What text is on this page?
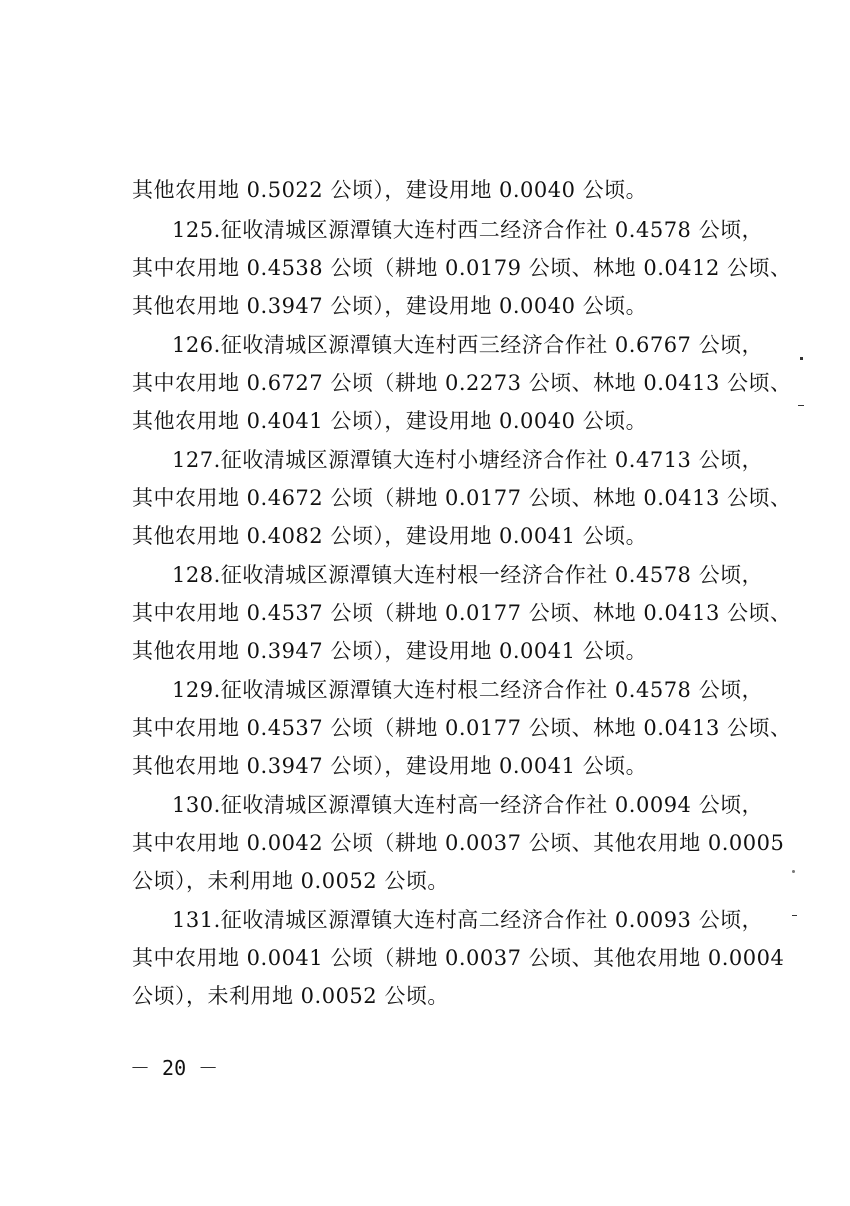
其他农用地 0.5022 公顷），建设用地 0.0040 公顷。
125.征收清城区源潭镇大连村西二经济合作社 0.4578 公顷，
其中农用地 0.4538 公顷（耕地 0.0179 公顷、林地 0.0412 公顷、
其他农用地 0.3947 公顷），建设用地 0.0040 公顷。
126.征收清城区源潭镇大连村西三经济合作社 0.6767 公顷，
其中农用地 0.6727 公顷（耕地 0.2273 公顷、林地 0.0413 公顷、
其他农用地 0.4041 公顷），建设用地 0.0040 公顷。
127.征收清城区源潭镇大连村小塘经济合作社 0.4713 公顷，
其中农用地 0.4672 公顷（耕地 0.0177 公顷、林地 0.0413 公顷、
其他农用地 0.4082 公顷），建设用地 0.0041 公顷。
128.征收清城区源潭镇大连村根一经济合作社 0.4578 公顷，
其中农用地 0.4537 公顷（耕地 0.0177 公顷、林地 0.0413 公顷、
其他农用地 0.3947 公顷），建设用地 0.0041 公顷。
129.征收清城区源潭镇大连村根二经济合作社 0.4578 公顷，
其中农用地 0.4537 公顷（耕地 0.0177 公顷、林地 0.0413 公顷、
其他农用地 0.3947 公顷），建设用地 0.0041 公顷。
130.征收清城区源潭镇大连村高一经济合作社 0.0094 公顷，
其中农用地 0.0042 公顷（耕地 0.0037 公顷、其他农用地 0.0005
公顷），未利用地 0.0052 公顷。
131.征收清城区源潭镇大连村高二经济合作社 0.0093 公顷，
其中农用地 0.0041 公顷（耕地 0.0037 公顷、其他农用地 0.0004
公顷），未利用地 0.0052 公顷。
－ 20 －
